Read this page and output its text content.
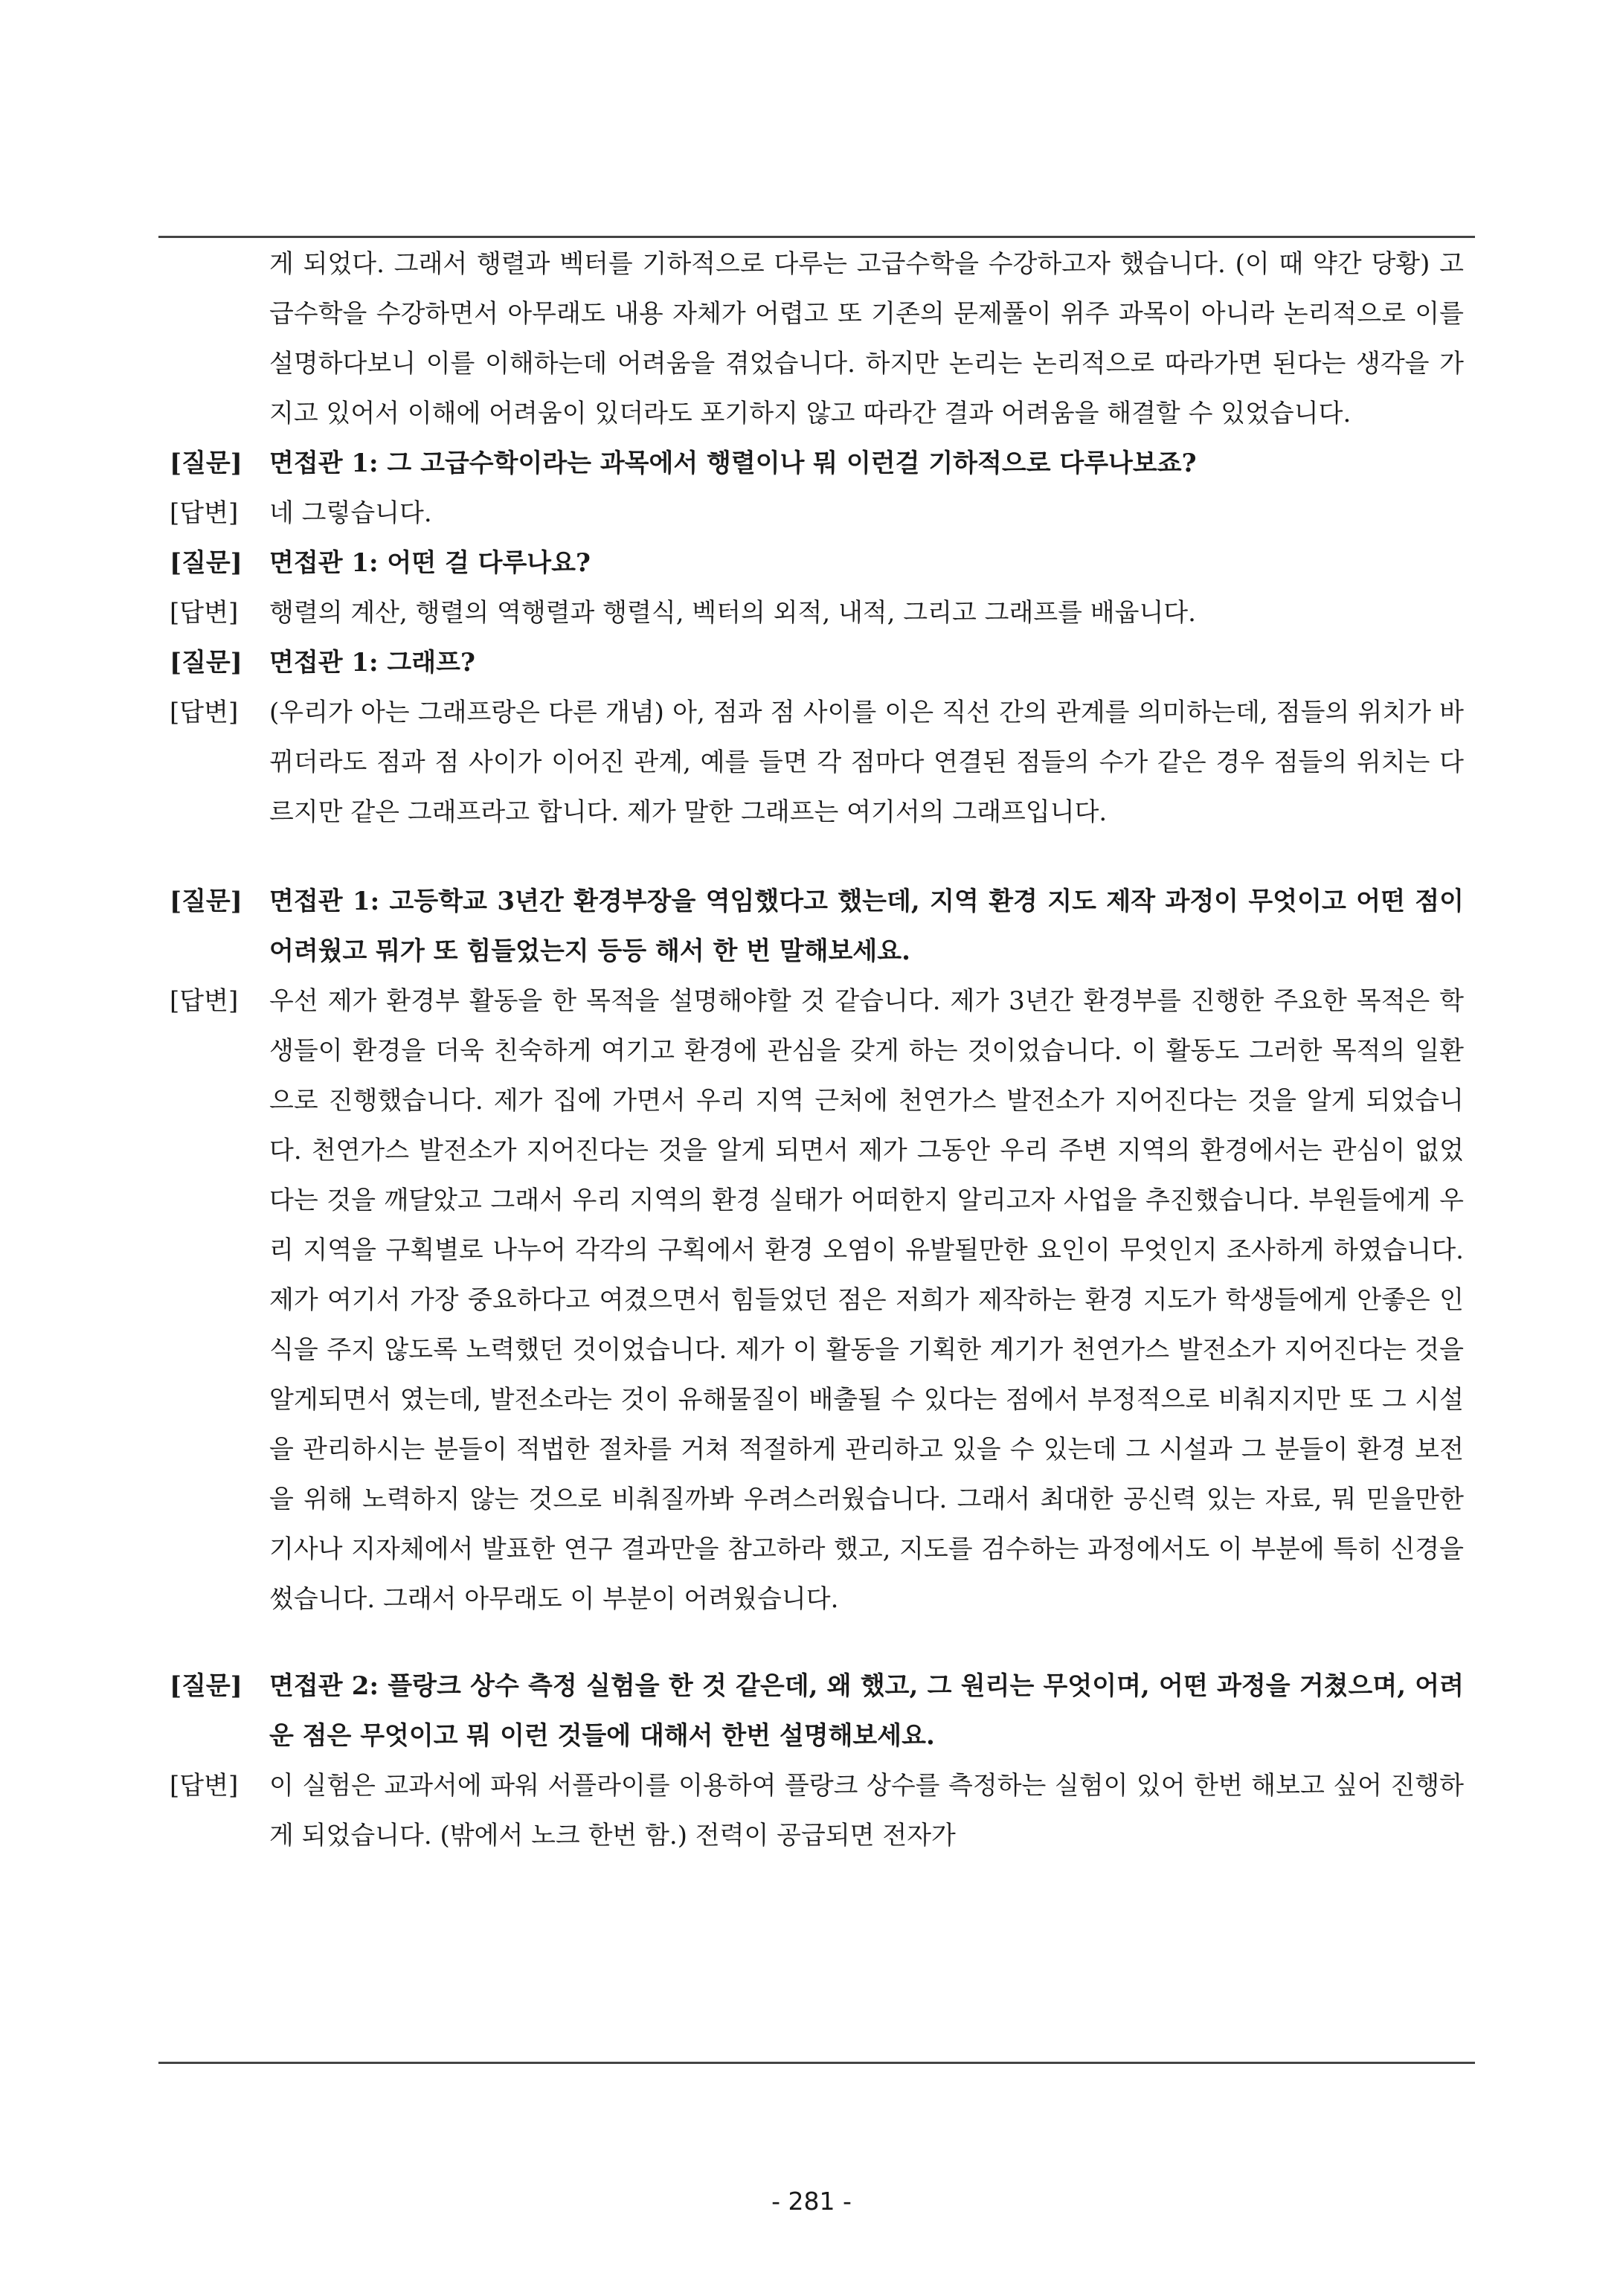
게 되었다. 그래서 행렬과 벡터를 기하적으로 다루는 고급수학을 수강하고자 했습니다. (이 때 약간 당황) 고급수학을 수강하면서 아무래도 내용 자체가 어렵고 또 기존의 문제풀이 위주 과목이 아니라 논리적으로 이를 설명하다보니 이를 이해하는데 어려움을 겪었습니다. 하지만 논리는 논리적으로 따라가면 된다는 생각을 가지고 있어서 이해에 어려움이 있더라도 포기하지 않고 따라간 결과 어려움을 해결할 수 있었습니다.
[질문]	면접관 1: 그 고급수학이라는 과목에서 행렬이나 뭐 이런걸 기하적으로 다루나보죠?
[답변]	네 그렇습니다.
[질문]	면접관 1: 어떤 걸 다루나요?
[답변]	행렬의 계산, 행렬의 역행렬과 행렬식, 벡터의 외적, 내적, 그리고 그래프를 배웁니다.
[질문]	면접관 1: 그래프?
[답변]	(우리가 아는 그래프랑은 다른 개념) 아, 점과 점 사이를 이은 직선 간의 관계를 의미하는데, 점들의 위치가 바뀌더라도 점과 점 사이가 이어진 관계, 예를 들면 각 점마다 연결된 점들의 수가 같은 경우 점들의 위치는 다르지만 같은 그래프라고 합니다. 제가 말한 그래프는 여기서의 그래프입니다.
[질문]	면접관 1: 고등학교 3년간 환경부장을 역임했다고 했는데, 지역 환경 지도 제작 과정이 무엇이고 어떤 점이 어려웠고 뭐가 또 힘들었는지 등등 해서 한 번 말해보세요.
[답변]	우선 제가 환경부 활동을 한 목적을 설명해야할 것 같습니다. 제가 3년간 환경부를 진행한 주요한 목적은 학생들이 환경을 더욱 친숙하게 여기고 환경에 관심을 갖게 하는 것이었습니다. 이 활동도 그러한 목적의 일환으로 진행했습니다. 제가 집에 가면서 우리 지역 근처에 천연가스 발전소가 지어진다는 것을 알게 되었습니다. 천연가스 발전소가 지어진다는 것을 알게 되면서 제가 그동안 우리 주변 지역의 환경에서는 관심이 없었다는 것을 깨달았고 그래서 우리 지역의 환경 실태가 어떠한지 알리고자 사업을 추진했습니다. 부원들에게 우리 지역을 구획별로 나누어 각각의 구획에서 환경 오염이 유발될만한 요인이 무엇인지 조사하게 하였습니다. 제가 여기서 가장 중요하다고 여겼으면서 힘들었던 점은 저희가 제작하는 환경 지도가 학생들에게 안좋은 인식을 주지 않도록 노력했던 것이었습니다. 제가 이 활동을 기획한 계기가 천연가스 발전소가 지어진다는 것을 알게되면서 였는데, 발전소라는 것이 유해물질이 배출될 수 있다는 점에서 부정적으로 비춰지지만 또 그 시설을 관리하시는 분들이 적법한 절차를 거쳐 적절하게 관리하고 있을 수 있는데 그 시설과 그 분들이 환경 보전을 위해 노력하지 않는 것으로 비춰질까봐 우려스러웠습니다. 그래서 최대한 공신력 있는 자료, 뭐 믿을만한 기사나 지자체에서 발표한 연구 결과만을 참고하라 했고, 지도를 검수하는 과정에서도 이 부분에 특히 신경을 썼습니다. 그래서 아무래도 이 부분이 어려웠습니다.
[질문]	면접관 2: 플랑크 상수 측정 실험을 한 것 같은데, 왜 했고, 그 원리는 무엇이며, 어떤 과정을 거쳤으며, 어려운 점은 무엇이고 뭐 이런 것들에 대해서 한번 설명해보세요.
[답변]	이 실험은 교과서에 파워 서플라이를 이용하여 플랑크 상수를 측정하는 실험이 있어 한번 해보고 싶어 진행하게 되었습니다. (밖에서 노크 한번 함.) 전력이 공급되면 전자가
- 281 -
